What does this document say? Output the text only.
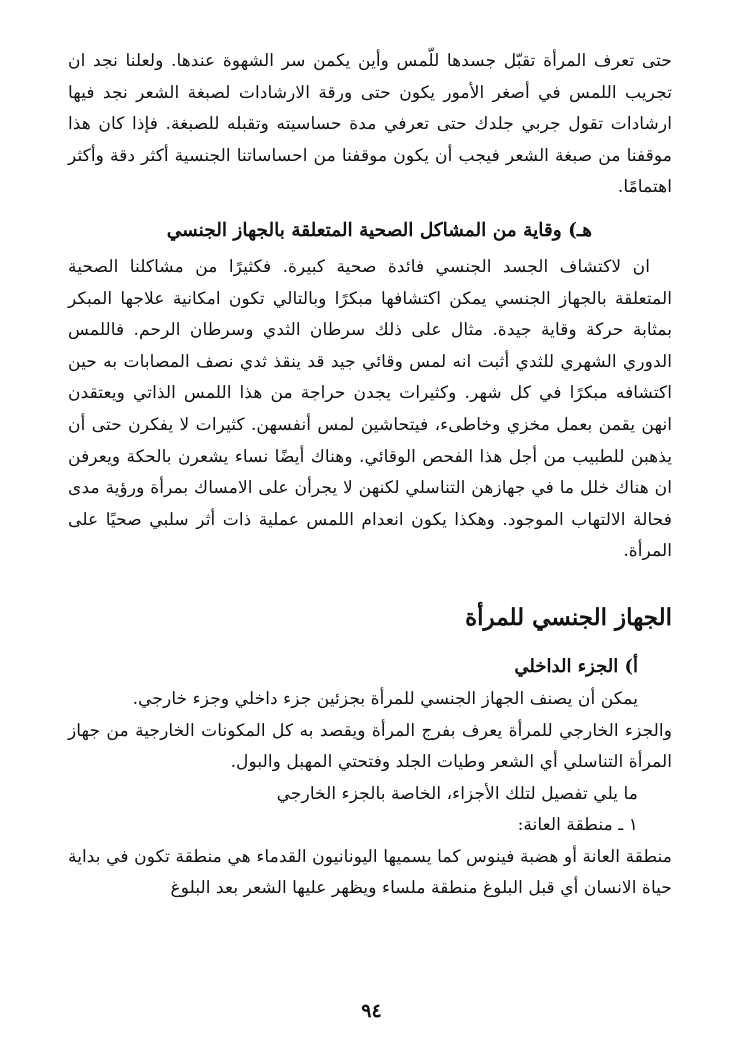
حتى تعرف المرأة تقبّل جسدها للّمس وأين يكمن سر الشهوة عندها. ولعلنا نجد ان تجريب اللمس في أصغر الأمور يكون حتى ورقة الارشادات لصبغة الشعر نجد فيها ارشادات تقول جربي جلدك حتى تعرفي مدة حساسيته وتقبله للصبغة. فإذا كان هذا موقفنا من صبغة الشعر فيجب أن يكون موقفنا من احساساتنا الجنسية أكثر دقة وأكثر اهتمامًا.

هـ) وقاية من المشاكل الصحية المتعلقة بالجهاز الجنسي

ان لاكتشاف الجسد الجنسي فائدة صحية كبيرة. فكثيرًا من مشاكلنا الصحية المتعلقة بالجهاز الجنسي يمكن اكتشافها مبكرًا وبالتالي تكون امكانية علاجها المبكر بمثابة حركة وقاية جيدة. مثال على ذلك سرطان الثدي وسرطان الرحم. فاللمس الدوري الشهري للثدي أثبت انه لمس وقائي جيد قد ينقذ ثدي نصف المصابات به حين اكتشافه مبكرًا في كل شهر. وكثيرات يجدن حراجة من هذا اللمس الذاتي ويعتقدن انهن يقمن بعمل مخزي وخاطىء، فيتحاشين لمس أنفسهن. كثيرات لا يفكرن حتى أن يذهبن للطبيب من أجل هذا الفحص الوقائي. وهناك أيضًا نساء يشعرن بالحكة ويعرفن ان هناك خلل ما في جهازهن التناسلي لكنهن لا يجرأن على الامساك بمرأة ورؤية مدى فحالة الالتهاب الموجود. وهكذا يكون انعدام اللمس عملية ذات أثر سلبي صحيًا على المرأة.

الجهاز الجنسي للمرأة
أ) الجزء الداخلي

يمكن أن يصنف الجهاز الجنسي للمرأة بجزئين جزء داخلي وجزء خارجي.

والجزء الخارجي للمرأة يعرف بفرج المرأة ويقصد به كل المكونات الخارجية من جهاز المرأة التناسلي أي الشعر وطيات الجلد وفتحتي المهبل والبول.

ما يلي تفصيل لتلك الأجزاء، الخاصة بالجزء الخارجي

١ ـ منطقة العانة:

منطقة العانة أو هضبة فينوس كما يسميها اليونانيون القدماء هي منطقة تكون في بداية حياة الانسان أي قبل البلوغ منطقة ملساء ويظهر عليها الشعر بعد البلوغ

٩٤
